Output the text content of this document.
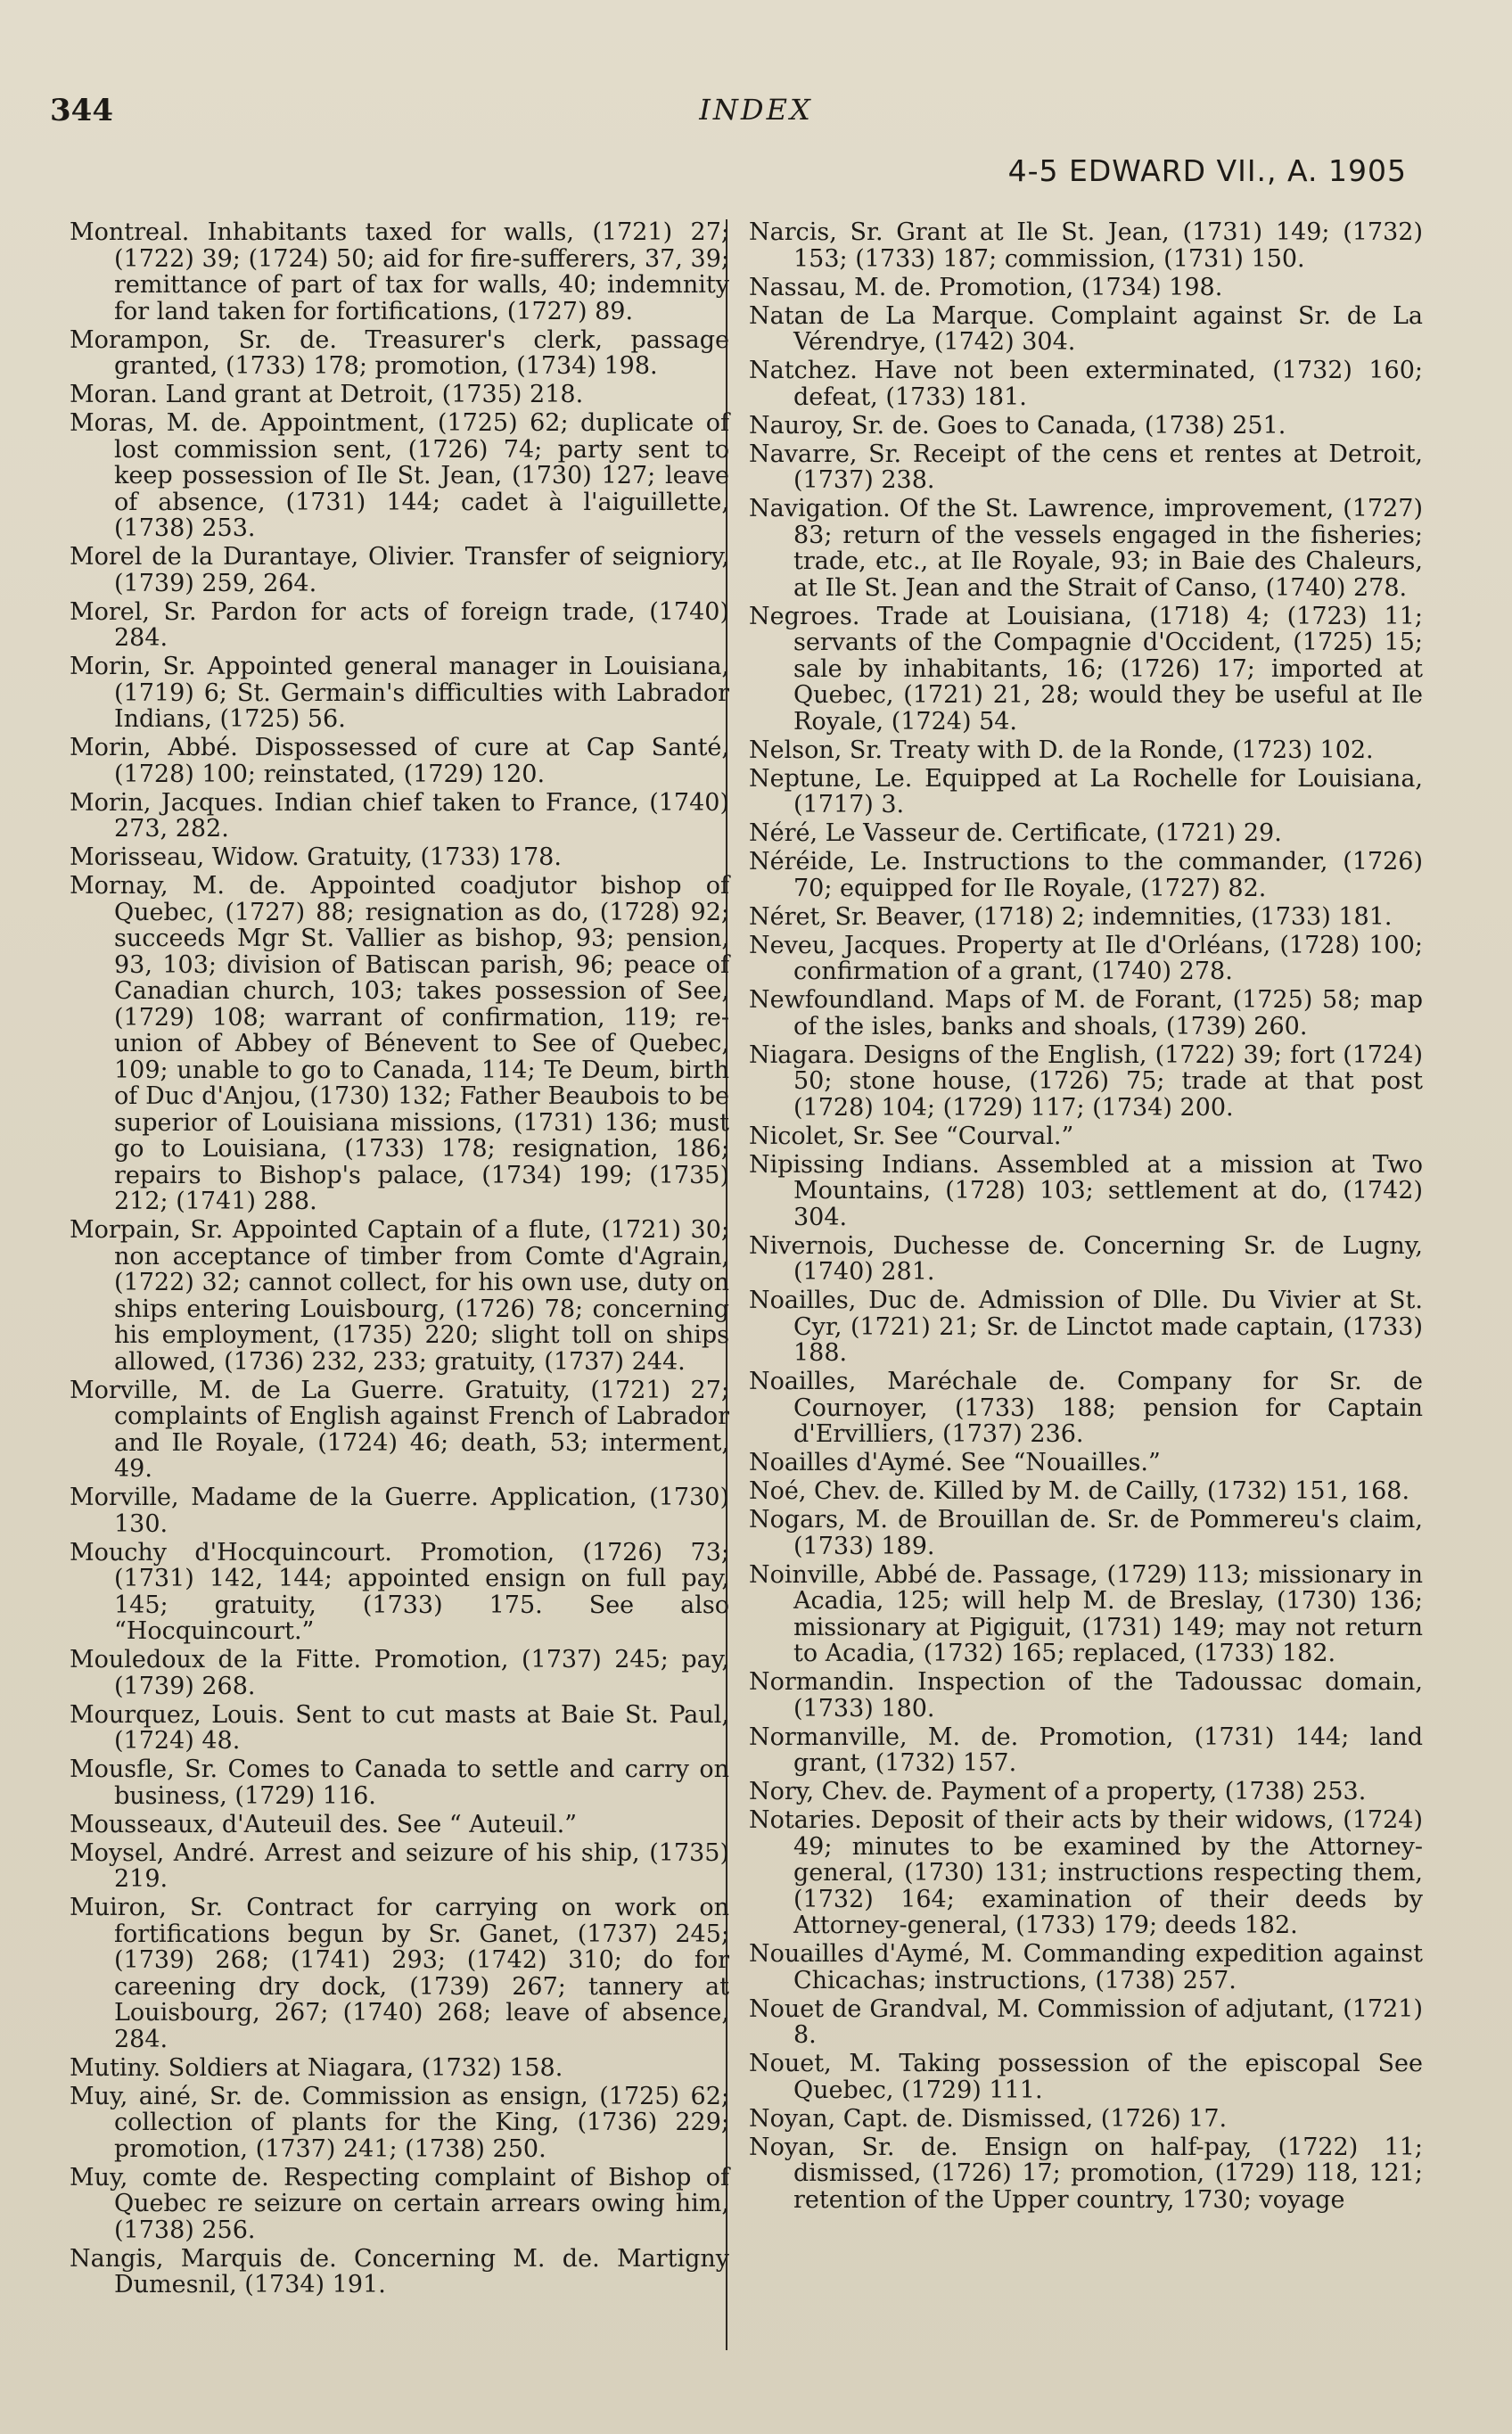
344	INDEX
4-5 EDWARD VII., A. 1905
Montreal. Inhabitants taxed for walls, (1721) 27; (1722) 39; (1724) 50; aid for fire-sufferers, 37, 39; remittance of part of tax for walls, 40; indemnity for land taken for fortifications, (1727) 89.
Morampon, Sr. de. Treasurer's clerk, passage granted, (1733) 178; promotion, (1734) 198.
Moran. Land grant at Detroit, (1735) 218.
Moras, M. de. Appointment, (1725) 62; duplicate of lost commission sent, (1726) 74; party sent to keep possession of Ile St. Jean, (1730) 127; leave of absence, (1731) 144; cadet à l'aiguillette, (1738) 253.
Morel de la Durantaye, Olivier. Transfer of seigniory, (1739) 259, 264.
Morel, Sr. Pardon for acts of foreign trade, (1740) 284.
Morin, Sr. Appointed general manager in Louisiana, (1719) 6; St. Germain's difficulties with Labrador Indians, (1725) 56.
Morin, Abbé. Dispossessed of cure at Cap Santé, (1728) 100; reinstated, (1729) 120.
Morin, Jacques. Indian chief taken to France, (1740) 273, 282.
Morisseau, Widow. Gratuity, (1733) 178.
Mornay, M. de. Appointed coadjutor bishop of Quebec, (1727) 88; resignation as do, (1728) 92; succeeds Mgr St. Vallier as bishop, 93; pension, 93, 103; division of Batiscan parish, 96; peace of Canadian church, 103; takes possession of See, (1729) 108; warrant of confirmation, 119; re-union of Abbey of Bénevent to See of Quebec, 109; unable to go to Canada, 114; Te Deum, birth of Duc d'Anjou, (1730) 132; Father Beaubois to be superior of Louisiana missions, (1731) 136; must go to Louisiana, (1733) 178; resignation, 186; repairs to Bishop's palace, (1734) 199; (1735) 212; (1741) 288.
Morpain, Sr. Appointed Captain of a flute, (1721) 30; non acceptance of timber from Comte d'Agrain, (1722) 32; cannot collect, for his own use, duty on ships entering Louisbourg, (1726) 78; concerning his employment, (1735) 220; slight toll on ships allowed, (1736) 232, 233; gratuity, (1737) 244.
Morville, M. de La Guerre. Gratuity, (1721) 27; complaints of English against French of Labrador and Ile Royale, (1724) 46; death, 53; interment, 49.
Morville, Madame de la Guerre. Application, (1730) 130.
Mouchy d'Hocquincourt. Promotion, (1726) 73; (1731) 142, 144; appointed ensign on full pay, 145; gratuity, (1733) 175. See also “Hocquincourt.”
Mouledoux de la Fitte. Promotion, (1737) 245; pay, (1739) 268.
Mourquez, Louis. Sent to cut masts at Baie St. Paul, (1724) 48.
Mousfle, Sr. Comes to Canada to settle and carry on business, (1729) 116.
Mousseaux, d'Auteuil des. See “ Auteuil.”
Moysel, André. Arrest and seizure of his ship, (1735) 219.
Muiron, Sr. Contract for carrying on work on fortifications begun by Sr. Ganet, (1737) 245; (1739) 268; (1741) 293; (1742) 310; do for careening dry dock, (1739) 267; tannery at Louisbourg, 267; (1740) 268; leave of absence, 284.
Mutiny. Soldiers at Niagara, (1732) 158.
Muy, ainé, Sr. de. Commission as ensign, (1725) 62; collection of plants for the King, (1736) 229; promotion, (1737) 241; (1738) 250.
Muy, comte de. Respecting complaint of Bishop of Quebec re seizure on certain arrears owing him, (1738) 256.
Nangis, Marquis de. Concerning M. de. Martigny Dumesnil, (1734) 191.
Narcis, Sr. Grant at Ile St. Jean, (1731) 149; (1732) 153; (1733) 187; commission, (1731) 150.
Nassau, M. de. Promotion, (1734) 198.
Natan de La Marque. Complaint against Sr. de La Vérendrye, (1742) 304.
Natchez. Have not been exterminated, (1732) 160; defeat, (1733) 181.
Nauroy, Sr. de. Goes to Canada, (1738) 251.
Navarre, Sr. Receipt of the cens et rentes at Detroit, (1737) 238.
Navigation. Of the St. Lawrence, improvement, (1727) 83; return of the vessels engaged in the fisheries; trade, etc., at Ile Royale, 93; in Baie des Chaleurs, at Ile St. Jean and the Strait of Canso, (1740) 278.
Negroes. Trade at Louisiana, (1718) 4; (1723) 11; servants of the Compagnie d'Occident, (1725) 15; sale by inhabitants, 16; (1726) 17; imported at Quebec, (1721) 21, 28; would they be useful at Ile Royale, (1724) 54.
Nelson, Sr. Treaty with D. de la Ronde, (1723) 102.
Neptune, Le. Equipped at La Rochelle for Louisiana, (1717) 3.
Néré, Le Vasseur de. Certificate, (1721) 29.
Néréide, Le. Instructions to the commander, (1726) 70; equipped for Ile Royale, (1727) 82.
Néret, Sr. Beaver, (1718) 2; indemnities, (1733) 181.
Neveu, Jacques. Property at Ile d'Orléans, (1728) 100; confirmation of a grant, (1740) 278.
Newfoundland. Maps of M. de Forant, (1725) 58; map of the isles, banks and shoals, (1739) 260.
Niagara. Designs of the English, (1722) 39; fort (1724) 50; stone house, (1726) 75; trade at that post (1728) 104; (1729) 117; (1734) 200.
Nicolet, Sr. See “Courval.”
Nipissing Indians. Assembled at a mission at Two Mountains, (1728) 103; settlement at do, (1742) 304.
Nivernois, Duchesse de. Concerning Sr. de Lugny, (1740) 281.
Noailles, Duc de. Admission of Dlle. Du Vivier at St. Cyr, (1721) 21; Sr. de Linctot made captain, (1733) 188.
Noailles, Maréchale de. Company for Sr. de Cournoyer, (1733) 188; pension for Captain d'Ervilliers, (1737) 236.
Noailles d'Aymé. See “Nouailles.”
Noé, Chev. de. Killed by M. de Cailly, (1732) 151, 168.
Nogars, M. de Brouillan de. Sr. de Pommereu's claim, (1733) 189.
Noinville, Abbé de. Passage, (1729) 113; missionary in Acadia, 125; will help M. de Breslay, (1730) 136; missionary at Pigiguit, (1731) 149; may not return to Acadia, (1732) 165; replaced, (1733) 182.
Normandin. Inspection of the Tadoussac domain, (1733) 180.
Normanville, M. de. Promotion, (1731) 144; land grant, (1732) 157.
Nory, Chev. de. Payment of a property, (1738) 253.
Notaries. Deposit of their acts by their widows, (1724) 49; minutes to be examined by the Attorney-general, (1730) 131; instructions respecting them, (1732) 164; examination of their deeds by Attorney-general, (1733) 179; deeds 182.
Nouailles d'Aymé, M. Commanding expedition against Chicachas; instructions, (1738) 257.
Nouet de Grandval, M. Commission of adjutant, (1721) 8.
Nouet, M. Taking possession of the episcopal See Quebec, (1729) 111.
Noyan, Capt. de. Dismissed, (1726) 17.
Noyan, Sr. de. Ensign on half-pay, (1722) 11; dismissed, (1726) 17; promotion, (1729) 118, 121; retention of the Upper country, 1730; voyage
